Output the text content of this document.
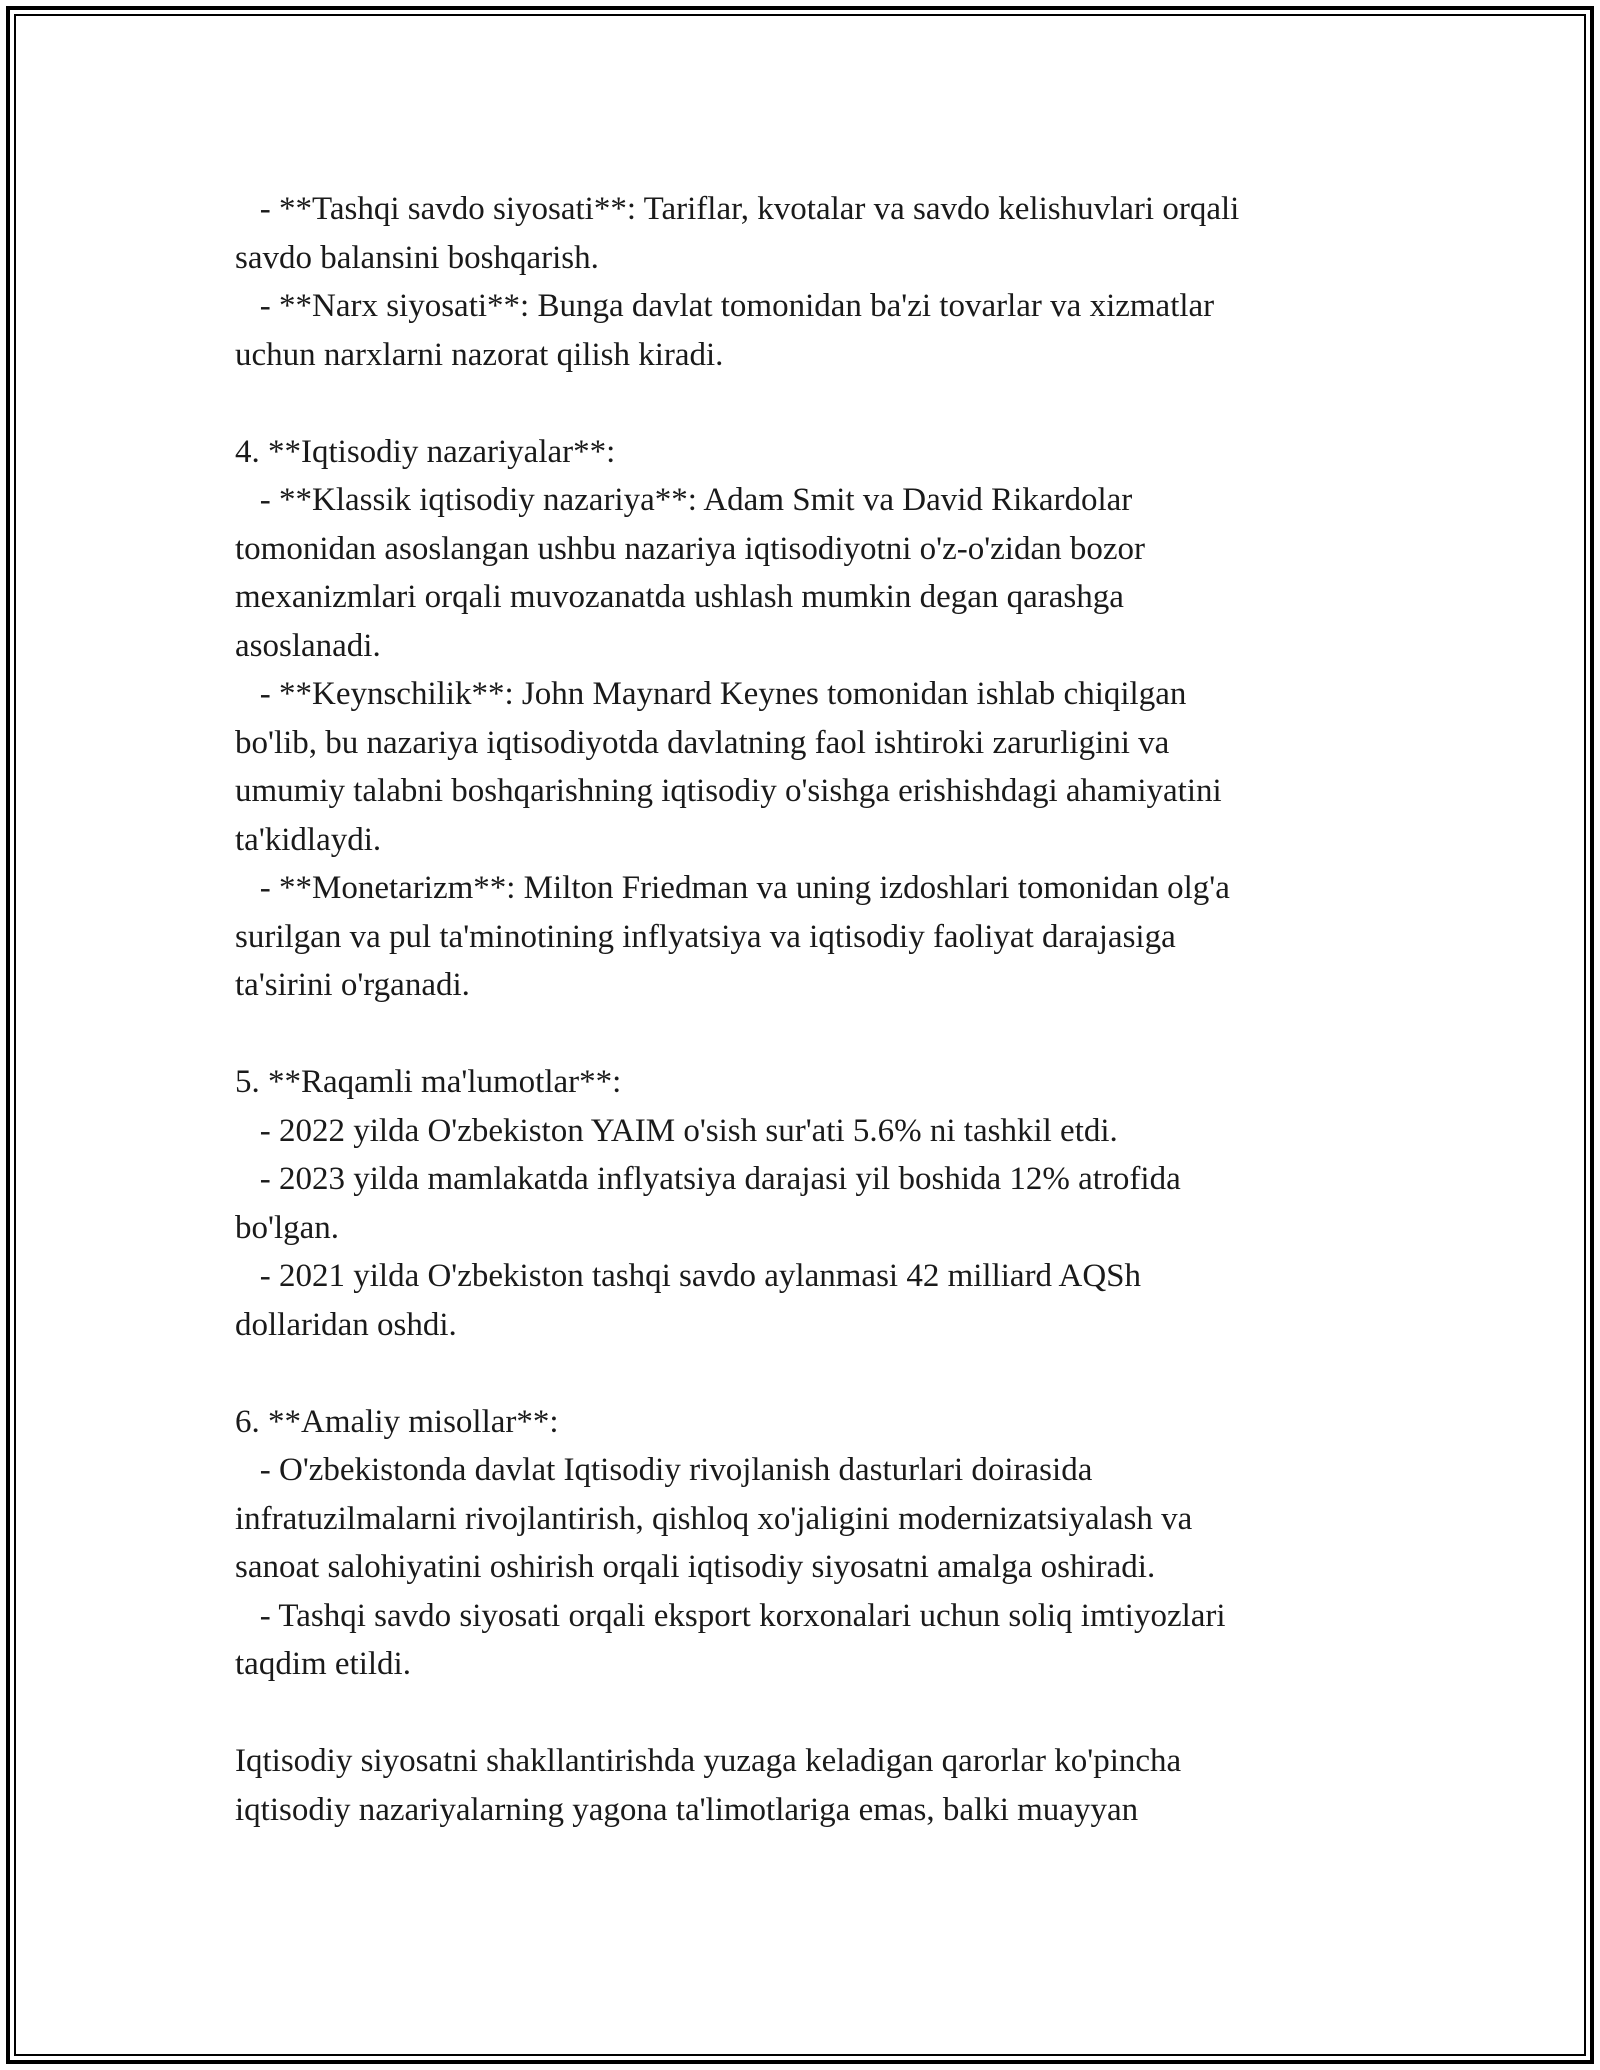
- **Tashqi savdo siyosati**: Tariflar, kvotalar va savdo kelishuvlari orqali
savdo balansini boshqarish.
- **Narx siyosati**: Bunga davlat tomonidan ba'zi tovarlar va xizmatlar
uchun narxlarni nazorat qilish kiradi.
4. **Iqtisodiy nazariyalar**:
- **Klassik iqtisodiy nazariya**: Adam Smit va David Rikardolar
tomonidan asoslangan ushbu nazariya iqtisodiyotni o'z-o'zidan bozor
mexanizmlari orqali muvozanatda ushlash mumkin degan qarashga
asoslanadi.
- **Keynschilik**: John Maynard Keynes tomonidan ishlab chiqilgan
bo'lib, bu nazariya iqtisodiyotda davlatning faol ishtiroki zarurligini va
umumiy talabni boshqarishning iqtisodiy o'sishga erishishdagi ahamiyatini
ta'kidlaydi.
- **Monetarizm**: Milton Friedman va uning izdoshlari tomonidan olg'a
surilgan va pul ta'minotining inflyatsiya va iqtisodiy faoliyat darajasiga
ta'sirini o'rganadi.
5. **Raqamli ma'lumotlar**:
- 2022 yilda O'zbekiston YAIM o'sish sur'ati 5.6% ni tashkil etdi.
- 2023 yilda mamlakatda inflyatsiya darajasi yil boshida 12% atrofida
bo'lgan.
- 2021 yilda O'zbekiston tashqi savdo aylanmasi 42 milliard AQSh
dollaridan oshdi.
6. **Amaliy misollar**:
- O'zbekistonda davlat Iqtisodiy rivojlanish dasturlari doirasida
infratuzilmalarni rivojlantirish, qishloq xo'jaligini modernizatsiyalash va
sanoat salohiyatini oshirish orqali iqtisodiy siyosatni amalga oshiradi.
- Tashqi savdo siyosati orqali eksport korxonalari uchun soliq imtiyozlari
taqdim etildi.
Iqtisodiy siyosatni shakllantirishda yuzaga keladigan qarorlar ko'pincha
iqtisodiy nazariyalarning yagona ta'limotlariga emas, balki muayyan
